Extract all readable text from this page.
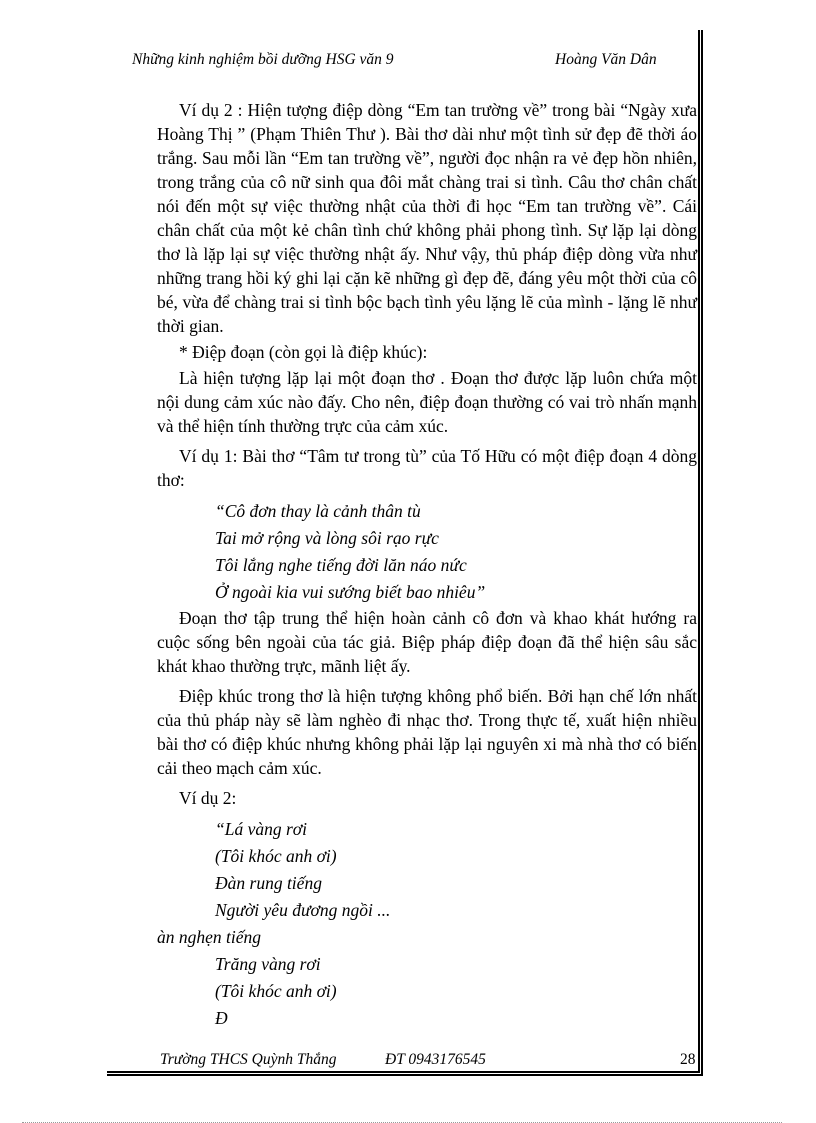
Những kinh nghiệm bồi dưỡng HSG văn 9	Hoàng Văn Dân

Ví dụ 2 : Hiện tượng điệp dòng “Em tan trường về” trong bài “Ngày xưa Hoàng Thị ” (Phạm Thiên Thư ). Bài thơ dài như một tình sử đẹp đẽ thời áo trắng. Sau mỗi lần “Em tan trường về”, người đọc nhận ra vẻ đẹp hồn nhiên, trong trắng của cô nữ sinh qua đôi mắt chàng trai si tình. Câu thơ chân chất nói đến một sự việc thường nhật của thời đi học “Em tan trường về”. Cái chân chất của một kẻ chân tình chứ không phải phong tình. Sự lặp lại dòng thơ là lặp lại sự việc thường nhật ấy. Như vậy, thủ pháp điệp dòng vừa như những trang hồi ký ghi lại cặn kẽ những gì đẹp đẽ, đáng yêu một thời của cô bé, vừa để chàng trai si tình bộc bạch tình yêu lặng lẽ của mình - lặng lẽ như thời gian.

* Điệp đoạn (còn gọi là điệp khúc):

Là hiện tượng lặp lại một đoạn thơ . Đoạn thơ được lặp luôn chứa một nội dung cảm xúc nào đấy. Cho nên, điệp đoạn thường có vai trò nhấn mạnh và thể hiện tính thường trực của cảm xúc.

Ví dụ 1: Bài thơ “Tâm tư trong tù” của Tố Hữu có một điệp đoạn 4 dòng thơ:

“Cô đơn thay là cảnh thân tù

Tai mở rộng và lòng sôi rạo rực

Tôi lắng nghe tiếng đời lăn náo nức

Ở ngoài kia vui sướng biết bao nhiêu”

Đoạn thơ tập trung thể hiện hoàn cảnh cô đơn và khao khát hướng ra cuộc sống bên ngoài của tác giả. Biệp pháp điệp đoạn đã thể hiện sâu sắc khát khao thường trực, mãnh liệt ấy.

Điệp khúc trong thơ là hiện tượng không phổ biến. Bởi hạn chế lớn nhất của thủ pháp này sẽ làm nghèo đi nhạc thơ. Trong thực tế, xuất hiện nhiều bài thơ có điệp khúc nhưng không phải lặp lại nguyên xi mà nhà thơ có biến cải theo mạch cảm xúc.

Ví dụ 2:

“Lá vàng rơi

(Tôi khóc anh ơi)

Đàn rung tiếng

Người yêu đương ngồi ...

àn nghẹn tiếng

Trăng vàng rơi

(Tôi khóc anh ơi)

Đ

Trường THCS Quỳnh Thắng	ĐT 0943176545	28
